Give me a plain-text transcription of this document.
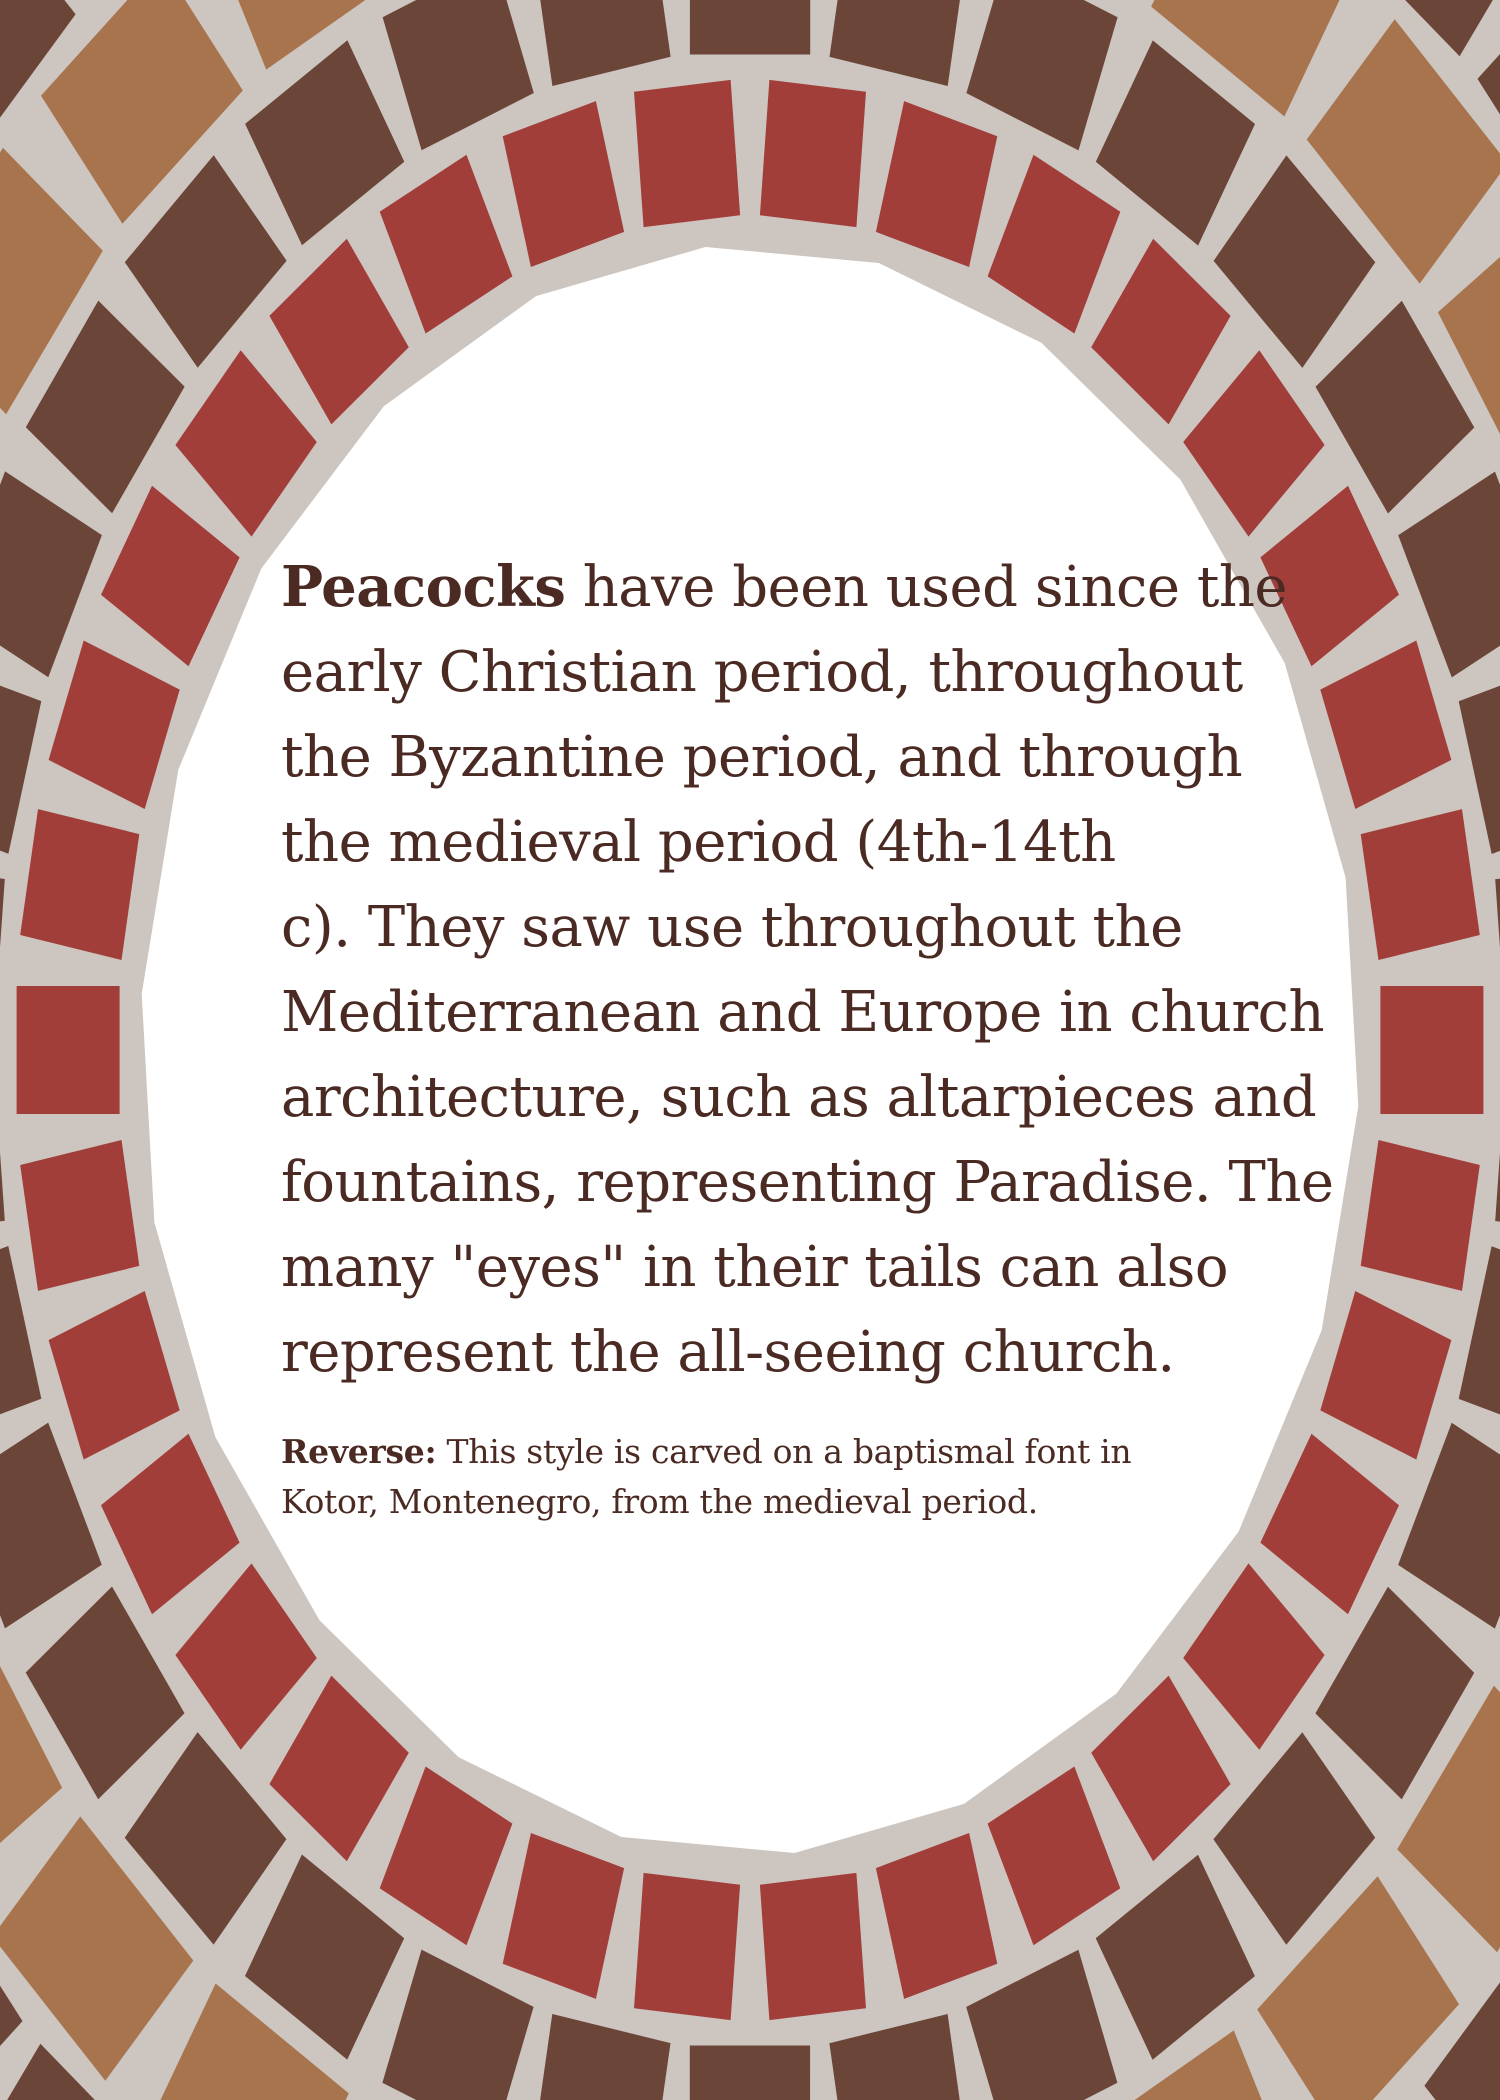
Peacocks have been used since the
early Christian period, throughout
the Byzantine period, and through
the medieval period (4th-14th
c). They saw use throughout the
Mediterranean and Europe in church
architecture, such as altarpieces and
fountains, representing Paradise. The
many "eyes" in their tails can also
represent the all-seeing church.

Reverse: This style is carved on a baptismal font in
Kotor, Montenegro, from the medieval period.
